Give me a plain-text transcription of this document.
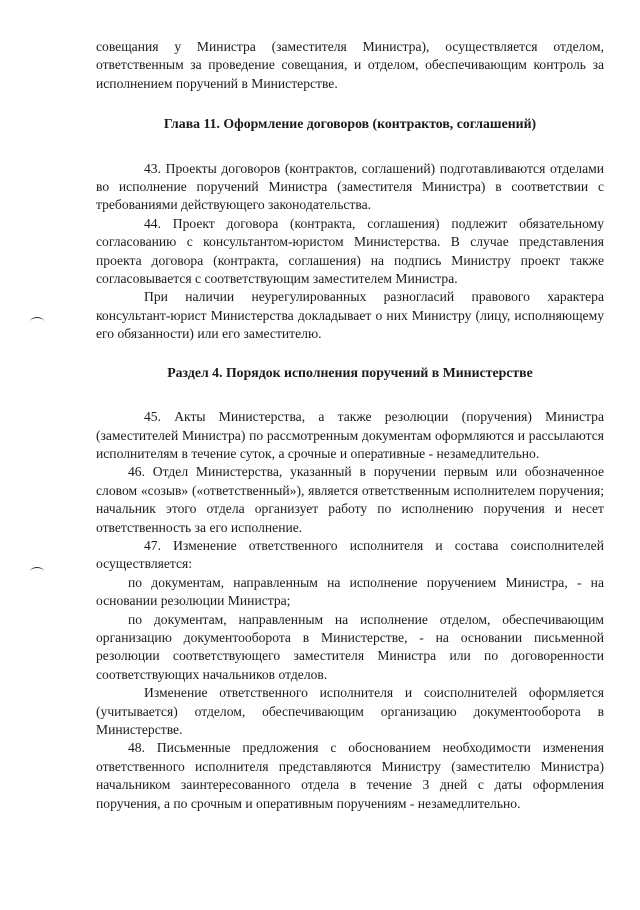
совещания у Министра (заместителя Министра), осуществляется отделом, ответственным за проведение совещания, и отделом, обеспечивающим контроль за исполнением поручений в Министерстве.

Глава 11. Оформление договоров (контрактов, соглашений)

43. Проекты договоров (контрактов, соглашений) подготавливаются отделами во исполнение поручений Министра (заместителя Министра) в соответствии с требованиями действующего законодательства.

44. Проект договора (контракта, соглашения) подлежит обязательному согласованию с консультантом-юристом Министерства. В случае представления проекта договора (контракта, соглашения) на подпись Министру проект также согласовывается с соответствующим заместителем Министра.

При наличии неурегулированных разногласий правового характера консультант-юрист Министерства докладывает о них Министру (лицу, исполняющему его обязанности) или его заместителю.

Раздел 4. Порядок исполнения поручений в Министерстве

45. Акты Министерства, а также резолюции (поручения) Министра (заместителей Министра) по рассмотренным документам оформляются и рассылаются исполнителям в течение суток, а срочные и оперативные - незамедлительно.

46. Отдел Министерства, указанный в поручении первым или обозначенное словом «созыв» («ответственный»), является ответственным исполнителем поручения; начальник этого отдела организует работу по исполнению поручения и несет ответственность за его исполнение.

47. Изменение ответственного исполнителя и состава соисполнителей осуществляется:

по документам, направленным на исполнение поручением Министра, - на основании резолюции Министра;

по документам, направленным на исполнение отделом, обеспечивающим организацию документооборота в Министерстве, - на основании письменной резолюции соответствующего заместителя Министра или по договоренности соответствующих начальников отделов.

Изменение ответственного исполнителя и соисполнителей оформляется (учитывается) отделом, обеспечивающим организацию документооборота в Министерстве.

48. Письменные предложения с обоснованием необходимости изменения ответственного исполнителя представляются Министру (заместителю Министра) начальником заинтересованного отдела в течение 3 дней с даты оформления поручения, а по срочным и оперативным поручениям - незамедлительно.
